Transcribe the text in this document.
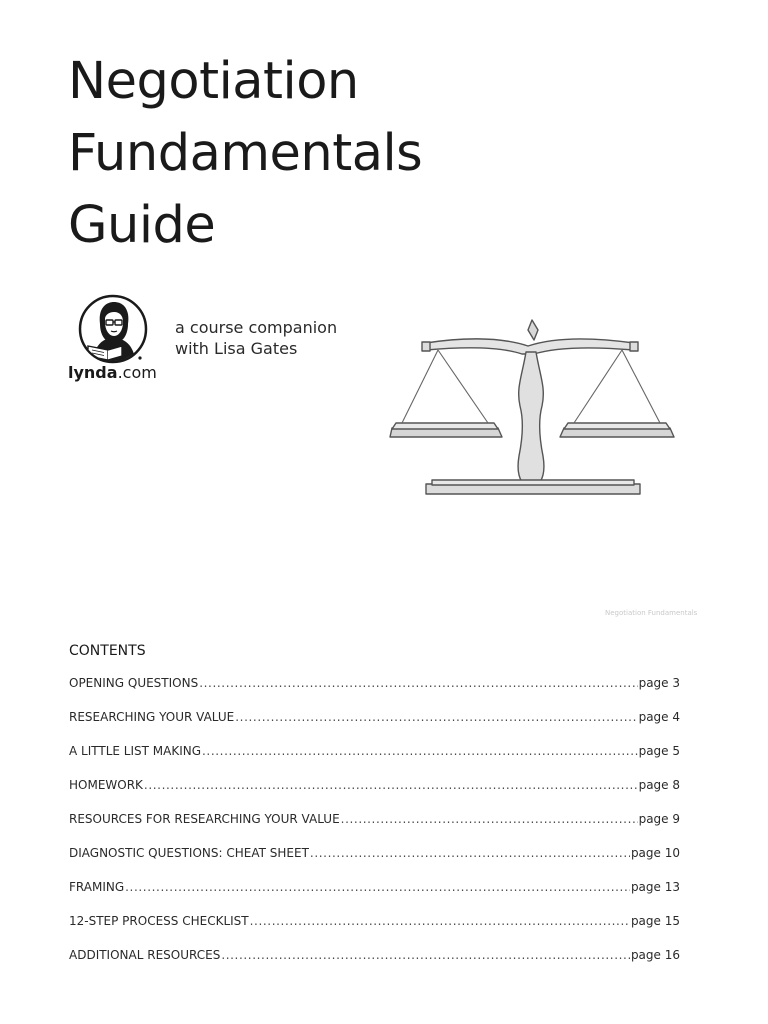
Negotiation
Fundamentals
Guide
lynda.com
a course companion
with Lisa Gates
Negotiation Fundamentals
CONTENTS
OPENING QUESTIONS .....	page 3
RESEARCHING YOUR VALUE .....	page 4
A LITTLE LIST MAKING .....	page 5
HOMEWORK .....	page 8
RESOURCES FOR RESEARCHING YOUR VALUE .....	page 9
DIAGNOSTIC QUESTIONS: CHEAT SHEET .....	page 10
FRAMING .....	page 13
12-STEP PROCESS CHECKLIST .....	page 15
ADDITIONAL RESOURCES .....	page 16
